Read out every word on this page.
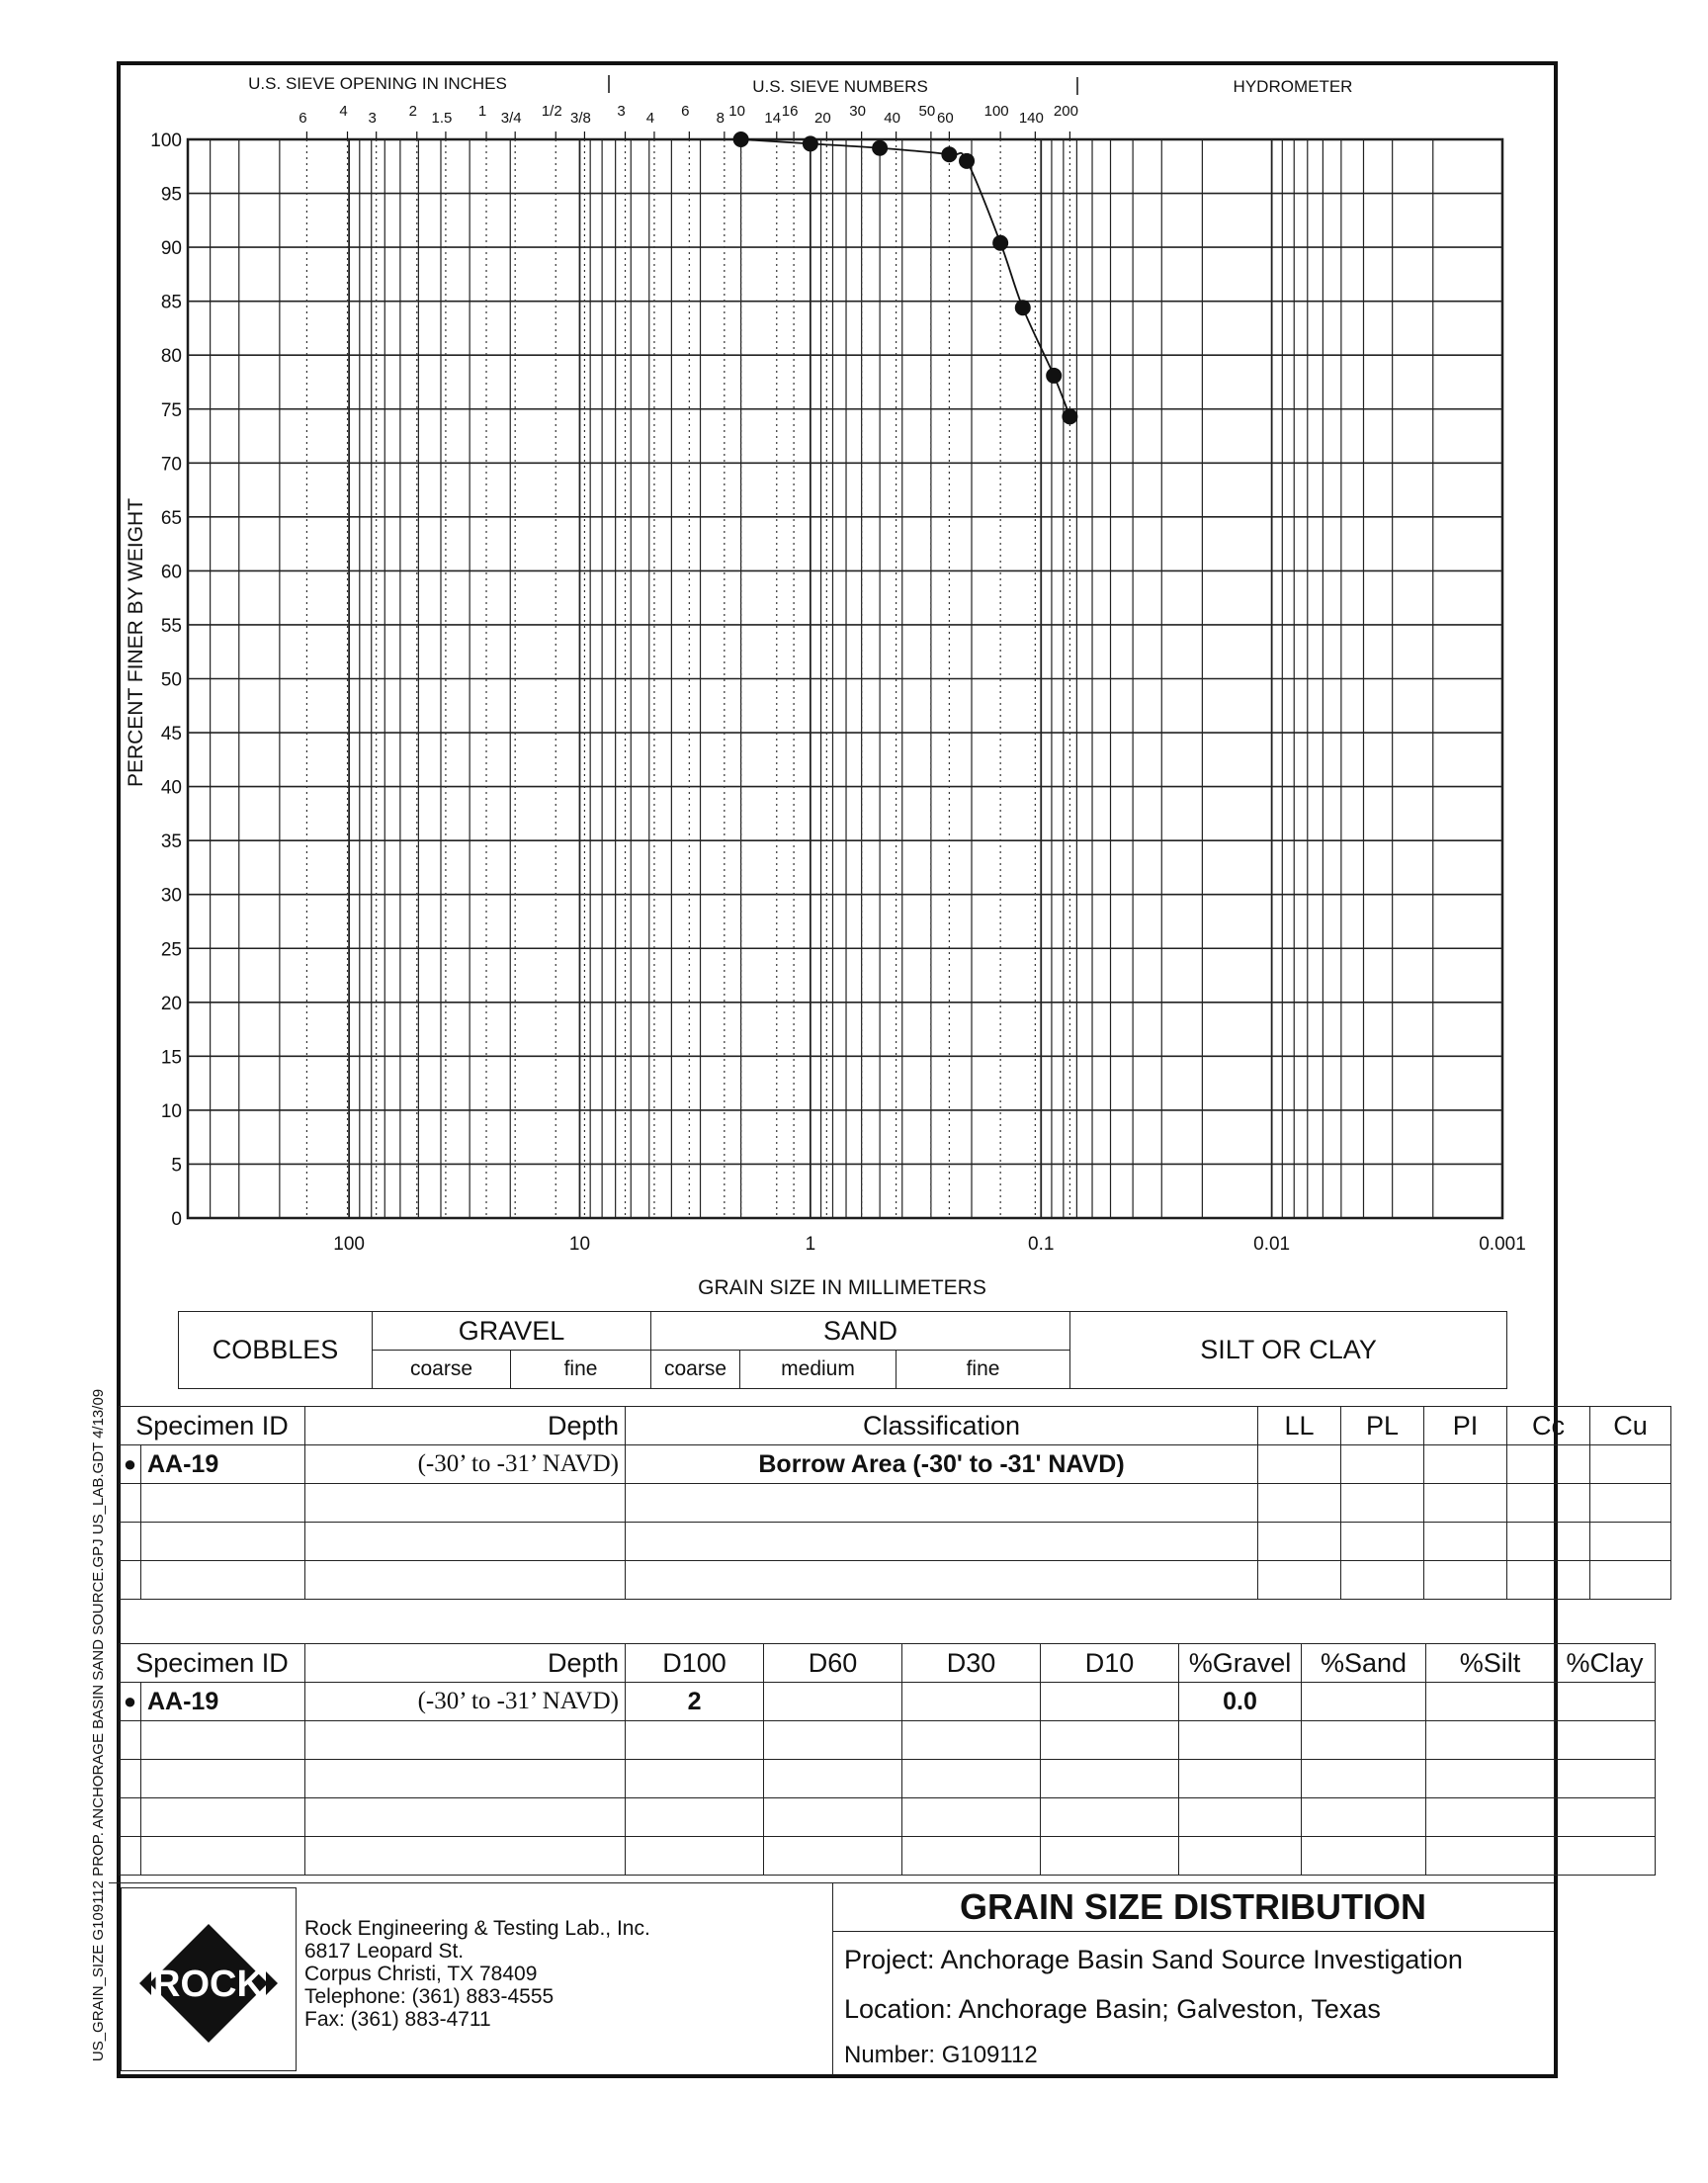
U.S. SIEVE OPENING IN INCHES	U.S. SIEVE NUMBERS	HYDROMETER
6 4 3 2 1.5 1 3/4 1/2 3/8 3 4 6 8 10 14 16 20 30 40 50 60 100 140 200
0
5
10
15
20
25
30
35
40
45
50
55
60
65
70
75
80
85
90
95
100
100	10	1	0.1	0.01	0.001
PERCENT FINER BY WEIGHT
GRAIN SIZE IN MILLIMETERS
US_GRAIN_SIZE G109112 PROP. ANCHORAGE BASIN SAND SOURCE.GPJ US_LAB.GDT 4/13/09
COBBLES	GRAVEL		SAND			SILT OR CLAY
	coarse	fine	coarse	medium	fine	
Specimen ID		Depth	Classification	LL	PL	PI	Cc	Cu
●	AA-19	(-30’ to -31’ NAVD)	Borrow Area (-30' to -31' NAVD)					

Specimen ID		Depth	D100	D60	D30	D10	%Gravel	%Sand	%Silt	%Clay
●	AA-19	(-30’ to -31’ NAVD)	2				0.0			

ROCK
Rock Engineering & Testing Lab., Inc.
6817 Leopard St.
Corpus Christi, TX 78409
Telephone: (361) 883-4555
Fax: (361) 883-4711
GRAIN SIZE DISTRIBUTION
Project: Anchorage Basin Sand Source Investigation
Location: Anchorage Basin; Galveston, Texas
Number: G109112
